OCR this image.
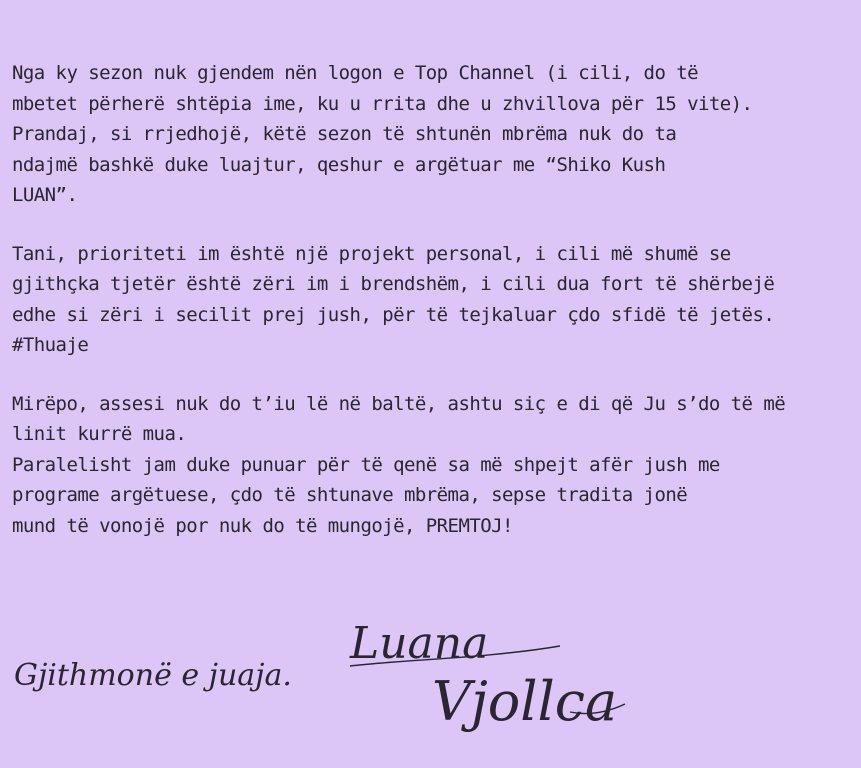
Nga ky sezon nuk gjendem nën logon e Top Channel (i cili, do të
mbetet përherë shtëpia ime, ku u rrita dhe u zhvillova për 15 vite).
Prandaj, si rrjedhojë, këtë sezon të shtunën mbrëma nuk do ta
ndajmë bashkë duke luajtur, qeshur e argëtuar me “Shiko Kush
LUAN”.
Tani, prioriteti im është një projekt personal, i cili më shumë se
gjithçka tjetër është zëri im i brendshëm, i cili dua fort të shërbejë
edhe si zëri i secilit prej jush, për të tejkaluar çdo sfidë të jetës.
#Thuaje
Mirëpo, assesi nuk do t’iu lë në baltë, ashtu siç e di që Ju s’do të më
linit kurrë mua.
Paralelisht jam duke punuar për të qenë sa më shpejt afër jush me
programe argëtuese, çdo të shtunave mbrëma, sepse tradita jonë
mund të vonojë por nuk do të mungojë, PREMTOJ!
Gjithmonë e juaja.
Luana
Vjollca
